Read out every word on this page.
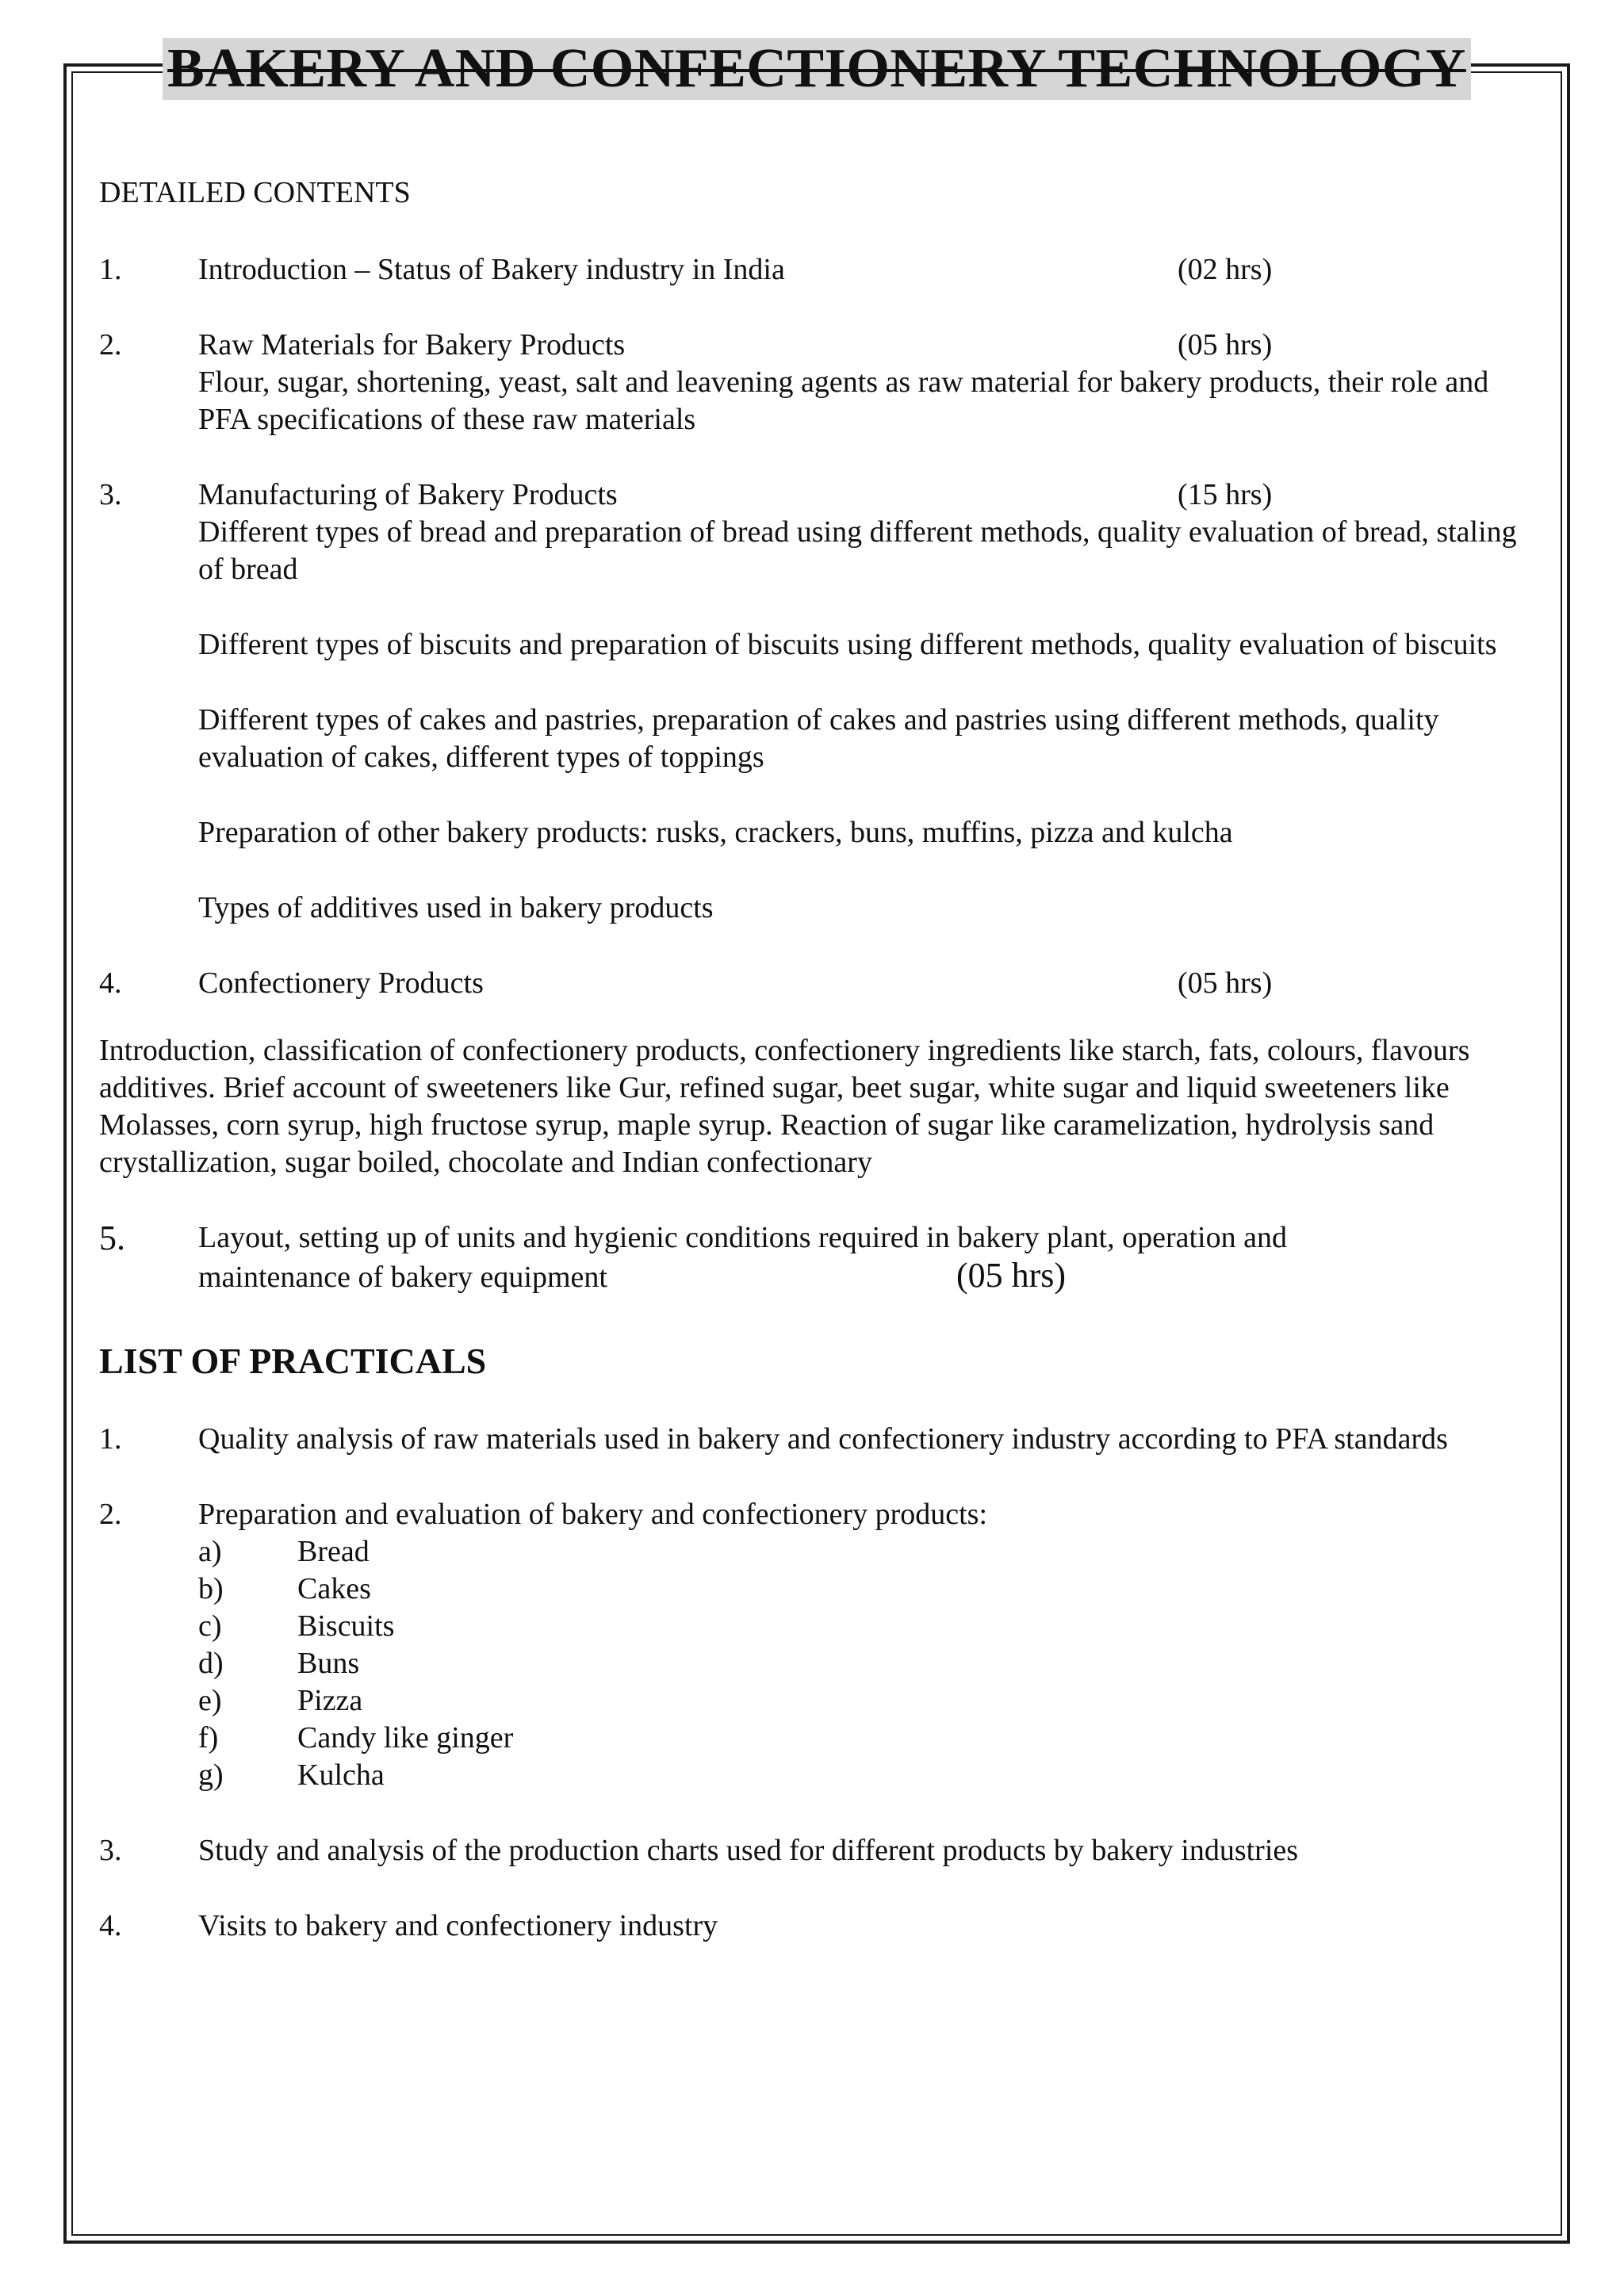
BAKERY AND CONFECTIONERY TECHNOLOGY
DETAILED CONTENTS
1.	Introduction – Status of Bakery industry in India	(02 hrs)
2.	Raw Materials for Bakery Products	(05 hrs)

Flour, sugar, shortening, yeast, salt and leavening agents as raw material for bakery products, their role and PFA specifications of these raw materials

3.	Manufacturing of Bakery Products	(15 hrs)

Different types of bread and preparation of bread using different methods, quality evaluation of bread, staling of bread

Different types of biscuits and preparation of biscuits using different methods, quality evaluation of biscuits

Different types of cakes and pastries, preparation of cakes and pastries using different methods, quality evaluation of cakes, different types of toppings

Preparation of other bakery products: rusks, crackers, buns, muffins, pizza and kulcha

Types of additives used in bakery products

4.	Confectionery Products	(05 hrs)

Introduction, classification of confectionery products, confectionery ingredients like starch, fats, colours, flavours additives. Brief account of sweeteners like Gur, refined sugar, beet sugar, white sugar and liquid sweeteners like Molasses, corn syrup, high fructose syrup, maple syrup. Reaction of sugar like caramelization, hydrolysis sand crystallization, sugar boiled, chocolate and Indian confectionary

5.	Layout, setting up of units and hygienic conditions required in bakery plant, operation and
maintenance of bakery equipment	(05 hrs)
LIST OF PRACTICALS
1.	Quality analysis of raw materials used in bakery and confectionery industry according to PFA standards
2.	Preparation and evaluation of bakery and confectionery products:
a)	Bread
b)	Cakes
c)	Biscuits
d)	Buns
e)	Pizza
f)	Candy like ginger
g)	Kulcha
3.	Study and analysis of the production charts used for different products by bakery industries
4.	Visits to bakery and confectionery industry
